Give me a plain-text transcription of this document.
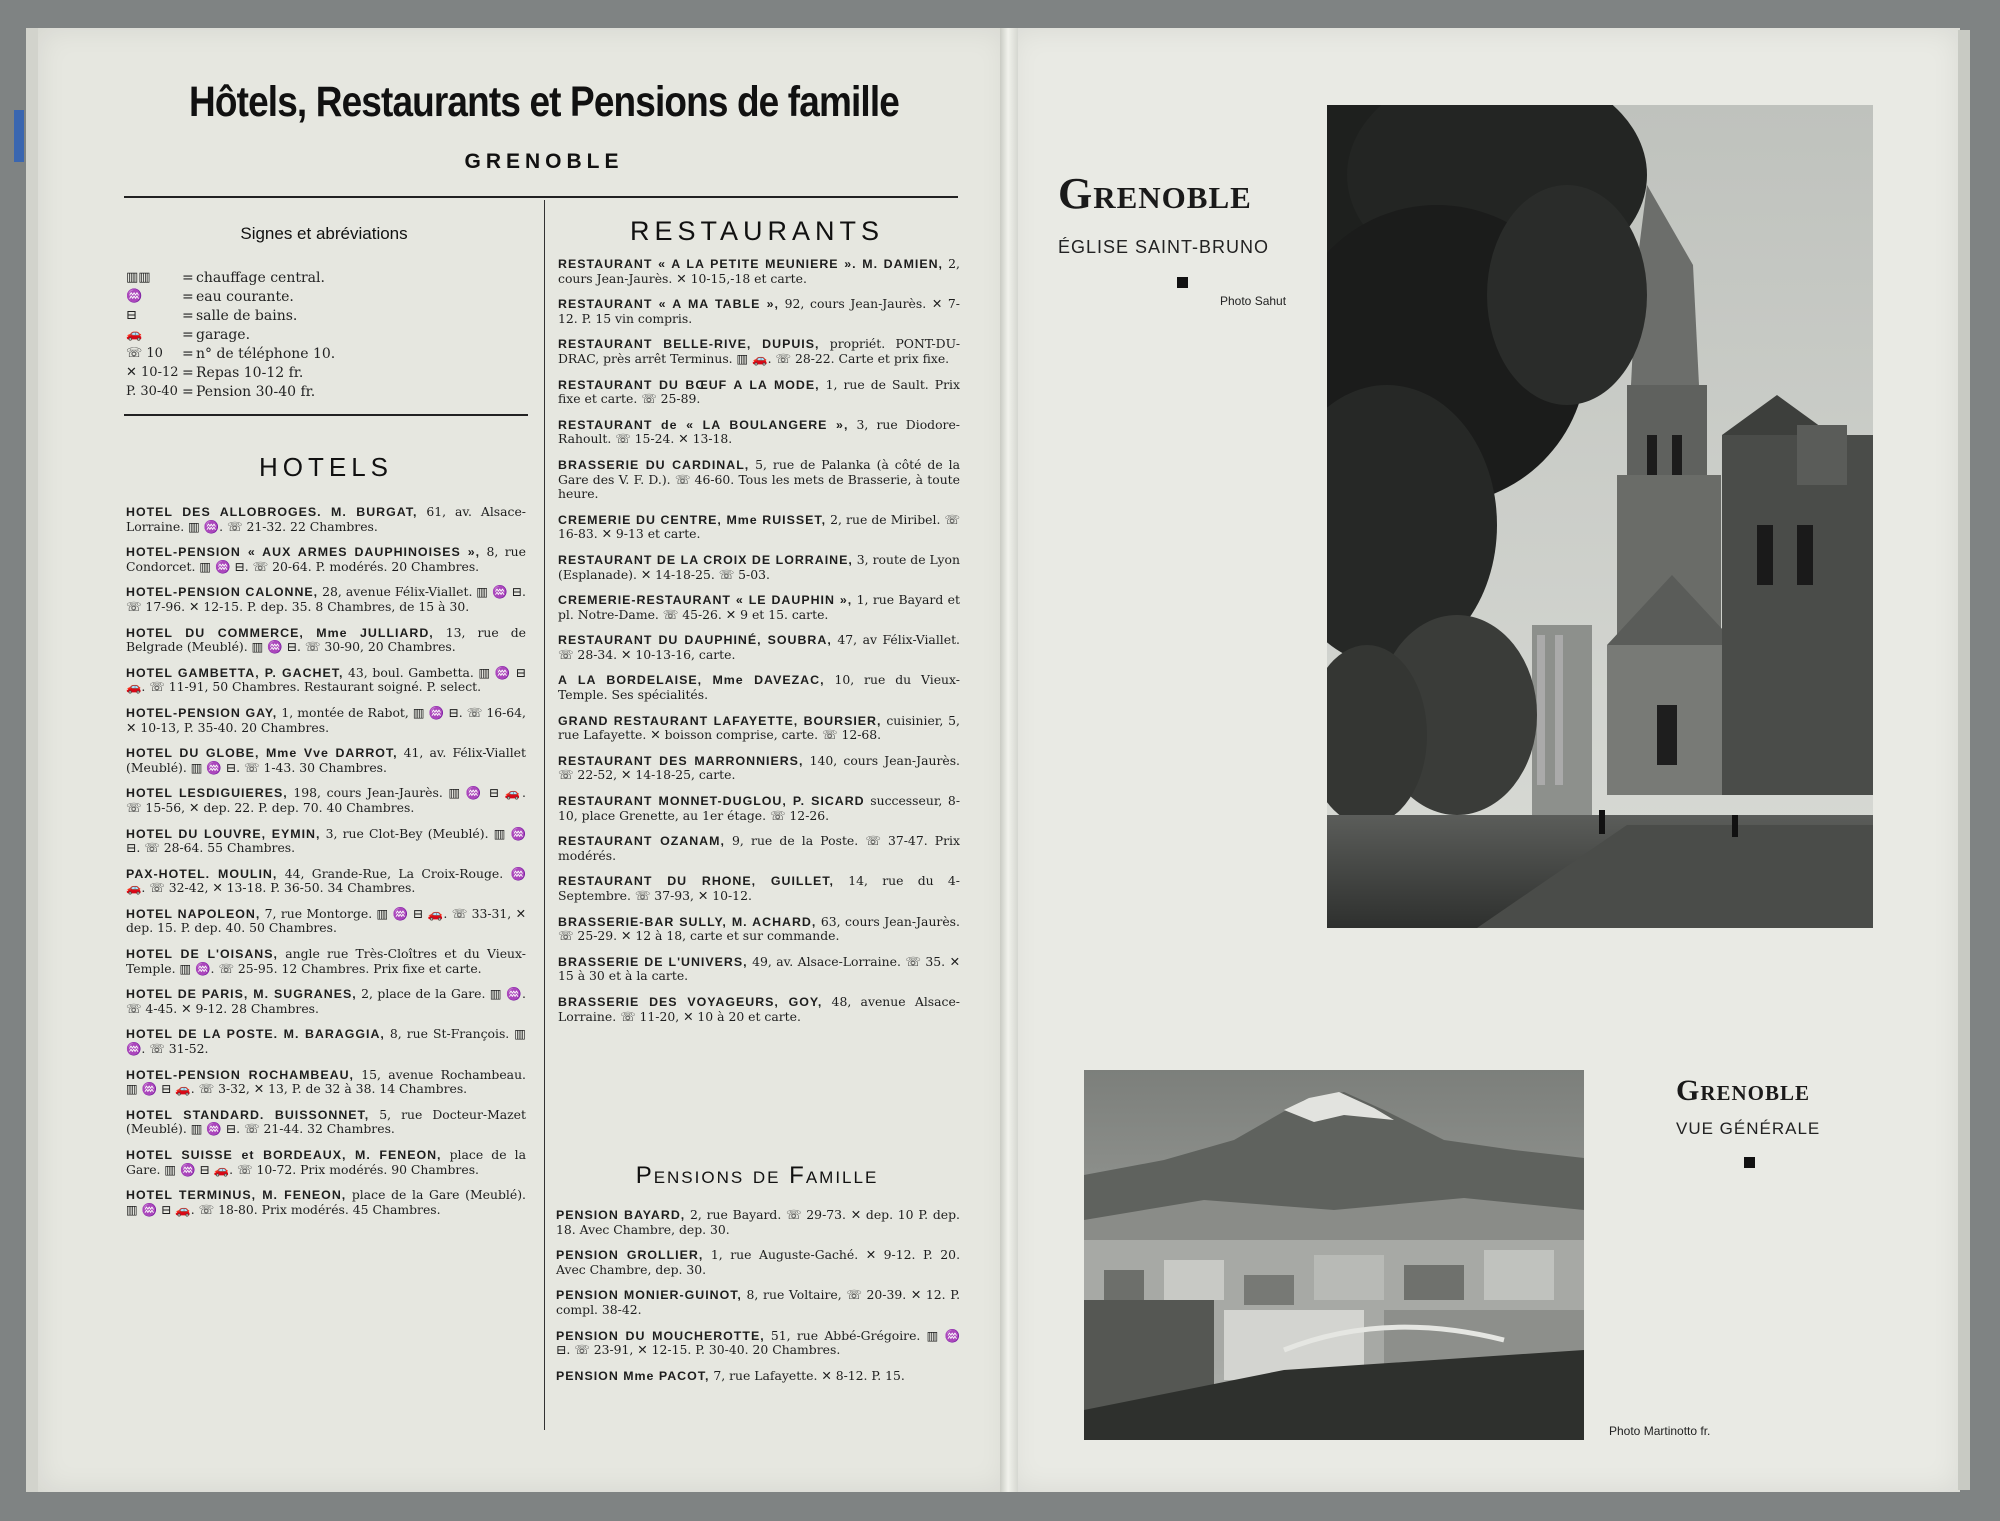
Hôtels, Restaurants et Pensions de famille
GRENOBLE
Signes et abréviations
▥▥	= chauffage central.
♒	= eau courante.
⊟	= salle de bains.
🚗	= garage.
☏ 10	= n° de téléphone 10.
✕ 10-12 = Repas 10-12 fr.
P. 30-40 = Pension 30-40 fr.
HOTELS
HOTEL DES ALLOBROGES. M. BURGAT, 61, av. Alsace-Lorraine. ▥ ♒. ☏ 21-32. 22 Chambres.
HOTEL-PENSION « AUX ARMES DAUPHINOISES », 8, rue Condorcet. ▥ ♒ ⊟. ☏ 20-64. P. modérés. 20 Chambres.
HOTEL-PENSION CALONNE, 28, avenue Félix-Viallet. ▥ ♒ ⊟. ☏ 17-96. ✕ 12-15. P. dep. 35. 8 Chambres, de 15 à 30.
HOTEL DU COMMERCE, Mme JULLIARD, 13, rue de Belgrade (Meublé). ▥ ♒ ⊟. ☏ 30-90, 20 Chambres.
HOTEL GAMBETTA, P. GACHET, 43, boul. Gambetta. ▥ ♒ ⊟ 🚗. ☏ 11-91, 50 Chambres. Restaurant soigné. P. select.
HOTEL-PENSION GAY, 1, montée de Rabot, ▥ ♒ ⊟. ☏ 16-64, ✕ 10-13, P. 35-40. 20 Chambres.
HOTEL DU GLOBE, Mme Vve DARROT, 41, av. Félix-Viallet (Meublé). ▥ ♒ ⊟. ☏ 1-43. 30 Chambres.
HOTEL LESDIGUIERES, 198, cours Jean-Jaurès. ▥ ♒ ⊟ 🚗. ☏ 15-56, ✕ dep. 22. P. dep. 70. 40 Chambres.
HOTEL DU LOUVRE, EYMIN, 3, rue Clot-Bey (Meublé). ▥ ♒ ⊟. ☏ 28-64. 55 Chambres.
PAX-HOTEL. MOULIN, 44, Grande-Rue, La Croix-Rouge. ♒ 🚗. ☏ 32-42, ✕ 13-18. P. 36-50. 34 Chambres.
HOTEL NAPOLEON, 7, rue Montorge. ▥ ♒ ⊟ 🚗. ☏ 33-31, ✕ dep. 15. P. dep. 40. 50 Chambres.
HOTEL DE L'OISANS, angle rue Très-Cloîtres et du Vieux-Temple. ▥ ♒. ☏ 25-95. 12 Chambres. Prix fixe et carte.
HOTEL DE PARIS, M. SUGRANES, 2, place de la Gare. ▥ ♒. ☏ 4-45. ✕ 9-12. 28 Chambres.
HOTEL DE LA POSTE. M. BARAGGIA, 8, rue St-François. ▥ ♒. ☏ 31-52.
HOTEL-PENSION ROCHAMBEAU, 15, avenue Rochambeau. ▥ ♒ ⊟ 🚗. ☏ 3-32, ✕ 13, P. de 32 à 38. 14 Chambres.
HOTEL STANDARD. BUISSONNET, 5, rue Docteur-Mazet (Meublé). ▥ ♒ ⊟. ☏ 21-44. 32 Chambres.
HOTEL SUISSE et BORDEAUX, M. FENEON, place de la Gare. ▥ ♒ ⊟ 🚗. ☏ 10-72. Prix modérés. 90 Chambres.
HOTEL TERMINUS, M. FENEON, place de la Gare (Meublé). ▥ ♒ ⊟ 🚗. ☏ 18-80. Prix modérés. 45 Chambres.
RESTAURANTS
RESTAURANT « A LA PETITE MEUNIERE ». M. DAMIEN, 2, cours Jean-Jaurès. ✕ 10-15,-18 et carte.
RESTAURANT « A MA TABLE », 92, cours Jean-Jaurès. ✕ 7-12. P. 15 vin compris.
RESTAURANT BELLE-RIVE, DUPUIS, propriét. PONT-DU-DRAC, près arrêt Terminus. ▥ 🚗. ☏ 28-22. Carte et prix fixe.
RESTAURANT DU BŒUF A LA MODE, 1, rue de Sault. Prix fixe et carte. ☏ 25-89.
RESTAURANT de « LA BOULANGERE », 3, rue Diodore-Rahoult. ☏ 15-24. ✕ 13-18.
BRASSERIE DU CARDINAL, 5, rue de Palanka (à côté de la Gare des V. F. D.). ☏ 46-60. Tous les mets de Brasserie, à toute heure.
CREMERIE DU CENTRE, Mme RUISSET, 2, rue de Miribel. ☏ 16-83. ✕ 9-13 et carte.
RESTAURANT DE LA CROIX DE LORRAINE, 3, route de Lyon (Esplanade). ✕ 14-18-25. ☏ 5-03.
CREMERIE-RESTAURANT « LE DAUPHIN », 1, rue Bayard et pl. Notre-Dame. ☏ 45-26. ✕ 9 et 15. carte.
RESTAURANT DU DAUPHINÉ, SOUBRA, 47, av Félix-Viallet. ☏ 28-34. ✕ 10-13-16, carte.
A LA BORDELAISE, Mme DAVEZAC, 10, rue du Vieux-Temple. Ses spécialités.
GRAND RESTAURANT LAFAYETTE, BOURSIER, cuisinier, 5, rue Lafayette. ✕ boisson comprise, carte. ☏ 12-68.
RESTAURANT DES MARRONNIERS, 140, cours Jean-Jaurès. ☏ 22-52, ✕ 14-18-25, carte.
RESTAURANT MONNET-DUGLOU, P. SICARD successeur, 8-10, place Grenette, au 1er étage. ☏ 12-26.
RESTAURANT OZANAM, 9, rue de la Poste. ☏ 37-47. Prix modérés.
RESTAURANT DU RHONE, GUILLET, 14, rue du 4-Septembre. ☏ 37-93, ✕ 10-12.
BRASSERIE-BAR SULLY, M. ACHARD, 63, cours Jean-Jaurès. ☏ 25-29. ✕ 12 à 18, carte et sur commande.
BRASSERIE DE L'UNIVERS, 49, av. Alsace-Lorraine. ☏ 35. ✕ 15 à 30 et à la carte.
BRASSERIE DES VOYAGEURS, GOY, 48, avenue Alsace-Lorraine. ☏ 11-20, ✕ 10 à 20 et carte.
Pensions de Famille
PENSION BAYARD, 2, rue Bayard. ☏ 29-73. ✕ dep. 10 P. dep. 18. Avec Chambre, dep. 30.
PENSION GROLLIER, 1, rue Auguste-Gaché. ✕ 9-12. P. 20. Avec Chambre, dep. 30.
PENSION MONIER-GUINOT, 8, rue Voltaire, ☏ 20-39. ✕ 12. P. compl. 38-42.
PENSION DU MOUCHEROTTE, 51, rue Abbé-Grégoire. ▥ ♒ ⊟. ☏ 23-91, ✕ 12-15. P. 30-40. 20 Chambres.
PENSION Mme PACOT, 7, rue Lafayette. ✕ 8-12. P. 15.
Grenoble
ÉGLISE SAINT-BRUNO
Photo Sahut
Grenoble
VUE GÉNÉRALE
Photo Martinotto fr.
